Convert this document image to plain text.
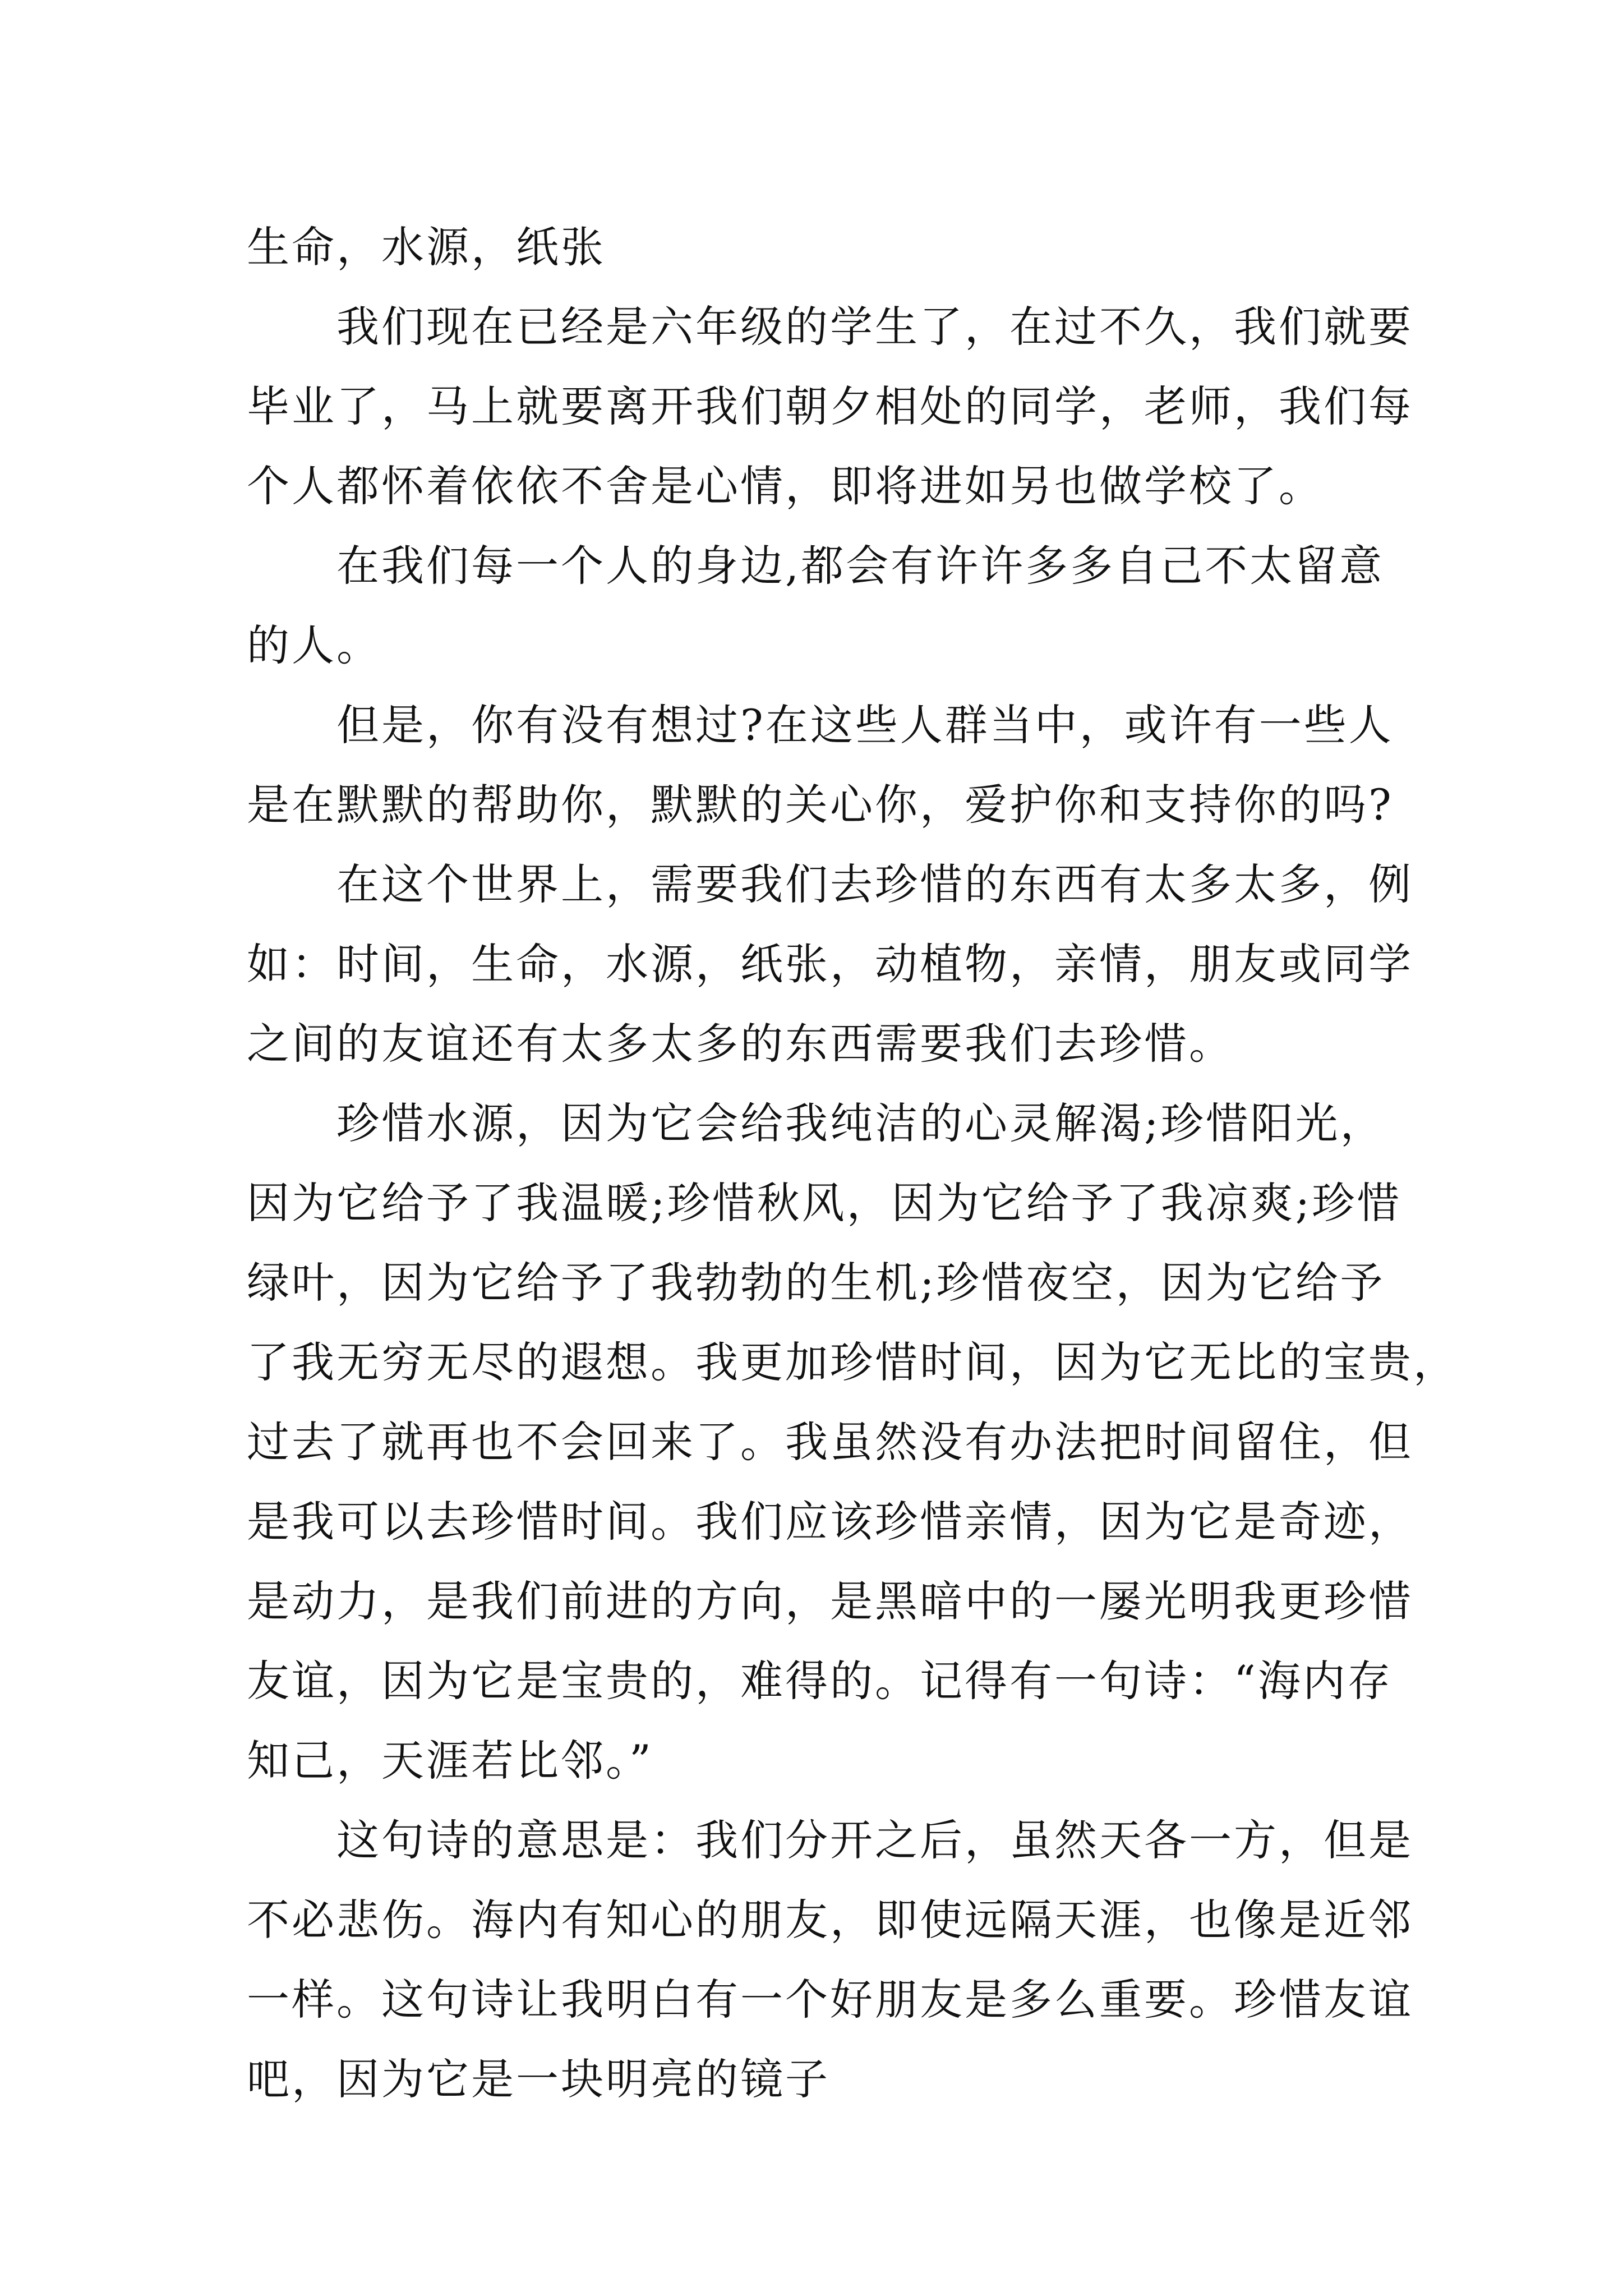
生命，水源，纸张
我们现在已经是六年级的学生了，在过不久，我们就要
毕业了，马上就要离开我们朝夕相处的同学，老师，我们每
个人都怀着依依不舍是心情，即将进如另也做学校了。
在我们每一个人的身边,都会有许许多多自己不太留意
的人。
但是，你有没有想过?在这些人群当中，或许有一些人
是在默默的帮助你，默默的关心你，爱护你和支持你的吗?
在这个世界上，需要我们去珍惜的东西有太多太多，例
如：时间，生命，水源，纸张，动植物，亲情，朋友或同学
之间的友谊还有太多太多的东西需要我们去珍惜。
珍惜水源，因为它会给我纯洁的心灵解渴;珍惜阳光，
因为它给予了我温暖;珍惜秋风，因为它给予了我凉爽;珍惜
绿叶，因为它给予了我勃勃的生机;珍惜夜空，因为它给予
了我无穷无尽的遐想。我更加珍惜时间，因为它无比的宝贵，
过去了就再也不会回来了。我虽然没有办法把时间留住，但
是我可以去珍惜时间。我们应该珍惜亲情，因为它是奇迹，
是动力，是我们前进的方向，是黑暗中的一屡光明我更珍惜
友谊，因为它是宝贵的，难得的。记得有一句诗：“海内存
知己，天涯若比邻。”
这句诗的意思是：我们分开之后，虽然天各一方，但是
不必悲伤。海内有知心的朋友，即使远隔天涯，也像是近邻
一样。这句诗让我明白有一个好朋友是多么重要。珍惜友谊
吧，因为它是一块明亮的镜子
